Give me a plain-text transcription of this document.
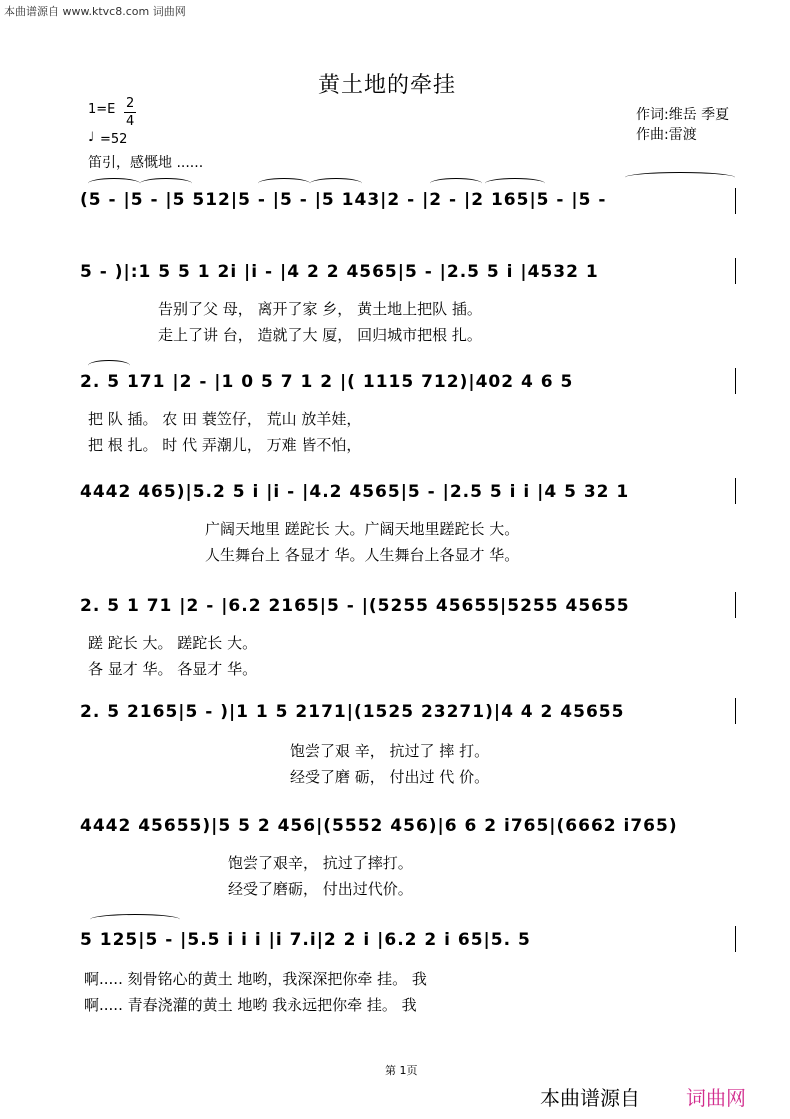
本曲谱源自 www.ktvc8.com 词曲网
黄土地的牵挂
1=E 2
4
♩ =52
笛引，感慨地 ......
作词:维岳 季夏
作曲:雷渡
(5 - |5 - |5 512|5 - |5 - |5 143|2 - |2 - |2 165|5 - |5 -
5 - )|:1 5 5 1 2i |i - |4 2 2 4565|5 - |2.5 5 i |4532 1
告别了父 母， 离开了家 乡， 黄土地上把队 插。
走上了讲 台， 造就了大 厦， 回归城市把根 扎。
2. 5 171 |2 - |1 0 5 7 1 2 |( 1115 712)|402 4 6 5
把 队 插。 农 田 蓑笠仔， 荒山 放羊娃，
把 根 扎。 时 代 弄潮儿， 万难 皆不怕，
4442 465)|5.2 5 i |i - |4.2 4565|5 - |2.5 5 i i |4 5 32 1
广阔天地里 蹉跎长 大。广阔天地里蹉跎长 大。
人生舞台上 各显才 华。人生舞台上各显才 华。
2. 5 1 71 |2 - |6.2 2165|5 - |(5255 45655|5255 45655
蹉 跎长 大。 蹉跎长 大。
各 显才 华。 各显才 华。
2. 5 2165|5 - )|1 1 5 2171|(1525 23271)|4 4 2 45655
饱尝了艰 辛， 抗过了 摔 打。
经受了磨 砺， 付出过 代 价。
4442 45655)|5 5 2 456|(5552 456)|6 6 2 i765|(6662 i765)
饱尝了艰辛， 抗过了摔打。
经受了磨砺， 付出过代价。
5 125|5 - |5.5 i i i |i 7.i|2 2 i |6.2 2 i 65|5. 5
啊..... 刻骨铭心的黄土 地哟，我深深把你牵 挂。 我
啊..... 青春浇灌的黄土 地哟 我永远把你牵 挂。 我
第 1页
本曲谱源自 词曲网
